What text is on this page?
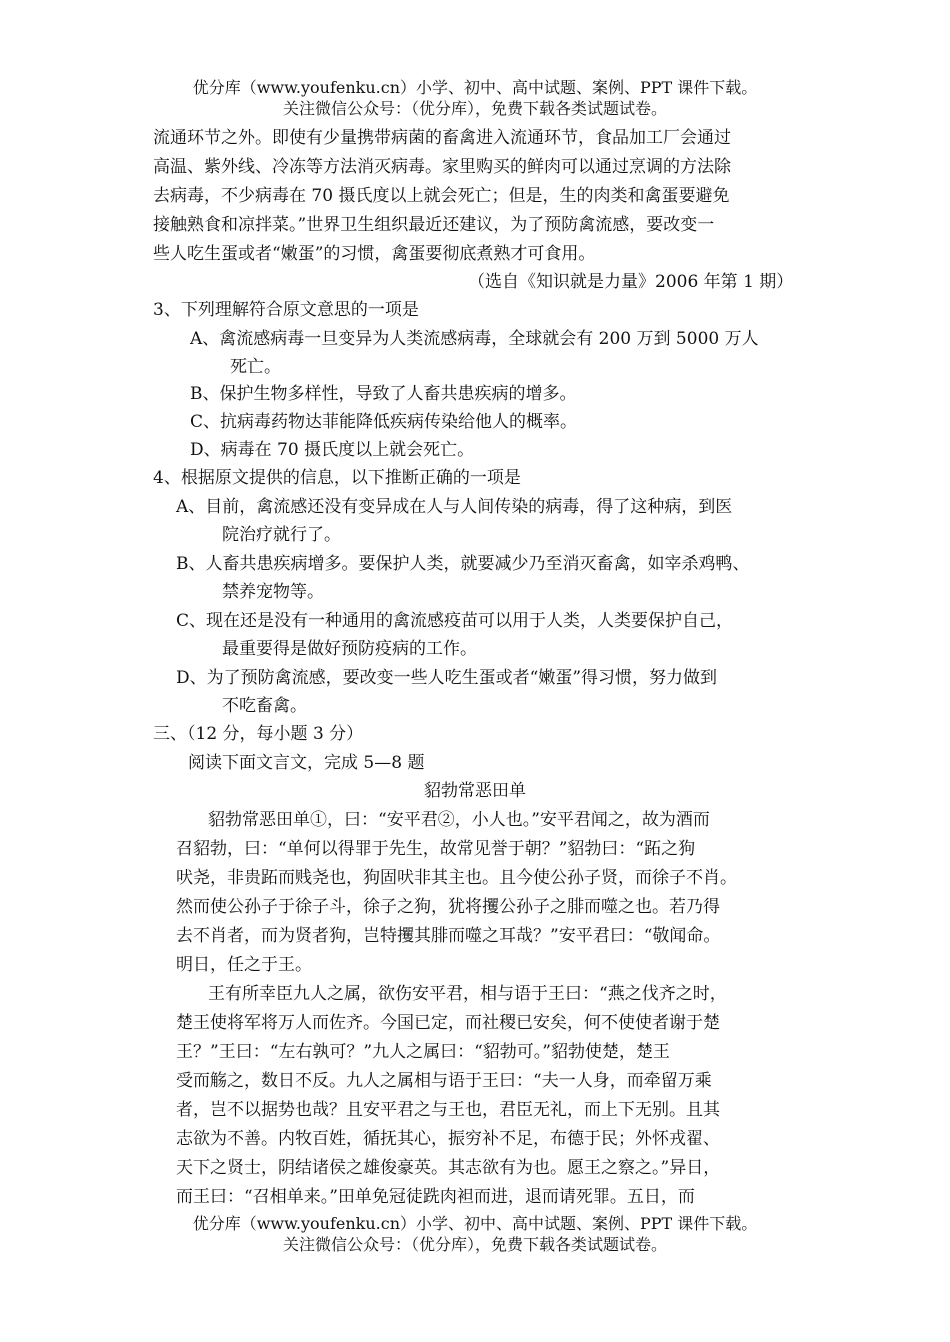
优分库（www.youfenku.cn）小学、初中、高中试题、案例、PPT 课件下载。
关注微信公众号：（优分库），免费下载各类试题试卷。
流通环节之外。即使有少量携带病菌的畜禽进入流通环节，食品加工厂会通过
高温、紫外线、冷冻等方法消灭病毒。家里购买的鲜肉可以通过烹调的方法除
去病毒，不少病毒在 70 摄氏度以上就会死亡；但是，生的肉类和禽蛋要避免
接触熟食和凉拌菜。”世界卫生组织最近还建议，为了预防禽流感，要改变一
些人吃生蛋或者“嫩蛋”的习惯，禽蛋要彻底煮熟才可食用。
（选自《知识就是力量》2006 年第 1 期）
3、下列理解符合原文意思的一项是
A、禽流感病毒一旦变异为人类流感病毒，全球就会有 200 万到 5000 万人
死亡。
B、保护生物多样性，导致了人畜共患疾病的增多。
C、抗病毒药物达菲能降低疾病传染给他人的概率。
D、病毒在 70 摄氏度以上就会死亡。
4、根据原文提供的信息，以下推断正确的一项是
A、目前，禽流感还没有变异成在人与人间传染的病毒，得了这种病，到医
院治疗就行了。
B、人畜共患疾病增多。要保护人类，就要减少乃至消灭畜禽，如宰杀鸡鸭、
禁养宠物等。
C、现在还是没有一种通用的禽流感疫苗可以用于人类，人类要保护自己，
最重要得是做好预防疫病的工作。
D、为了预防禽流感，要改变一些人吃生蛋或者“嫩蛋”得习惯，努力做到
不吃畜禽。
三、（12 分，每小题 3 分）
阅读下面文言文，完成 5—8 题
貂勃常恶田单
貂勃常恶田单①，曰：“安平君②，小人也。”安平君闻之，故为酒而
召貂勃，曰：“单何以得罪于先生，故常见誉于朝？”貂勃曰：“跖之狗
吠尧，非贵跖而贱尧也，狗固吠非其主也。且今使公孙子贤，而徐子不肖。
然而使公孙子于徐子斗，徐子之狗，犹将攫公孙子之腓而噬之也。若乃得
去不肖者，而为贤者狗，岂特攫其腓而噬之耳哉？”安平君曰：“敬闻命。
明日，任之于王。
王有所幸臣九人之属，欲伤安平君，相与语于王曰：“燕之伐齐之时，
楚王使将军将万人而佐齐。今国已定，而社稷已安矣，何不使使者谢于楚
王？”王曰：“左右孰可？”九人之属曰：“貂勃可。”貂勃使楚，楚王
受而觞之，数日不反。九人之属相与语于王曰：“夫一人身，而牵留万乘
者，岂不以据势也哉？且安平君之与王也，君臣无礼，而上下无别。且其
志欲为不善。内牧百姓，循抚其心，振穷补不足，布德于民；外怀戎翟、
天下之贤士，阴结诸侯之雄俊豪英。其志欲有为也。愿王之察之。”异日，
而王曰：“召相单来。”田单免冠徒跣肉袒而进，退而请死罪。五日，而
优分库（www.youfenku.cn）小学、初中、高中试题、案例、PPT 课件下载。
关注微信公众号：（优分库），免费下载各类试题试卷。
